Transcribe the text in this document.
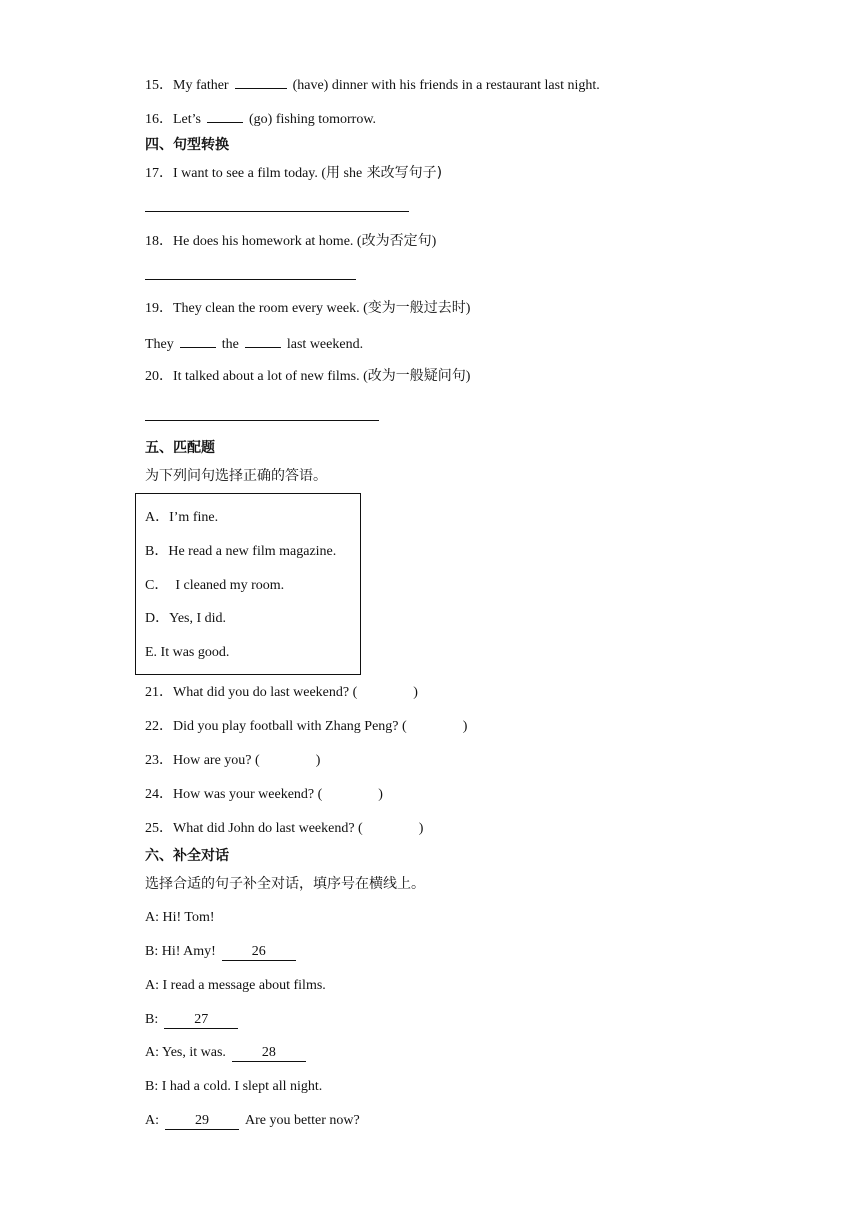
15．My father	(have) dinner with his friends in a restaurant last night.
16．Let’s	(go) fishing tomorrow.
四、句型转换
17．I want to see a film today. (用 she 来改写句子)
18．He does his homework at home. (改为否定句)
19．They clean the room every week. (变为一般过去时)
They	the	last weekend.
20．It talked about a lot of new films. (改为一般疑问句)
五、匹配题
为下列问句选择正确的答语。
A．I’m fine.
B．He read a new film magazine.
C．  I cleaned my room.
D．Yes, I did.
E. It was good.
21．What did you do last weekend? (	)
22．Did you play football with Zhang Peng? (	)
23．How are you? (	)
24．How was your weekend? (	)
25．What did John do last weekend? (	)
六、补全对话
选择合适的句子补全对话，填序号在横线上。
A: Hi! Tom!
B: Hi! Amy!	26
A: I read a message about films.
B:	27
A: Yes, it was.	28
B: I had a cold. I slept all night.
A:	29	Are you better now?
